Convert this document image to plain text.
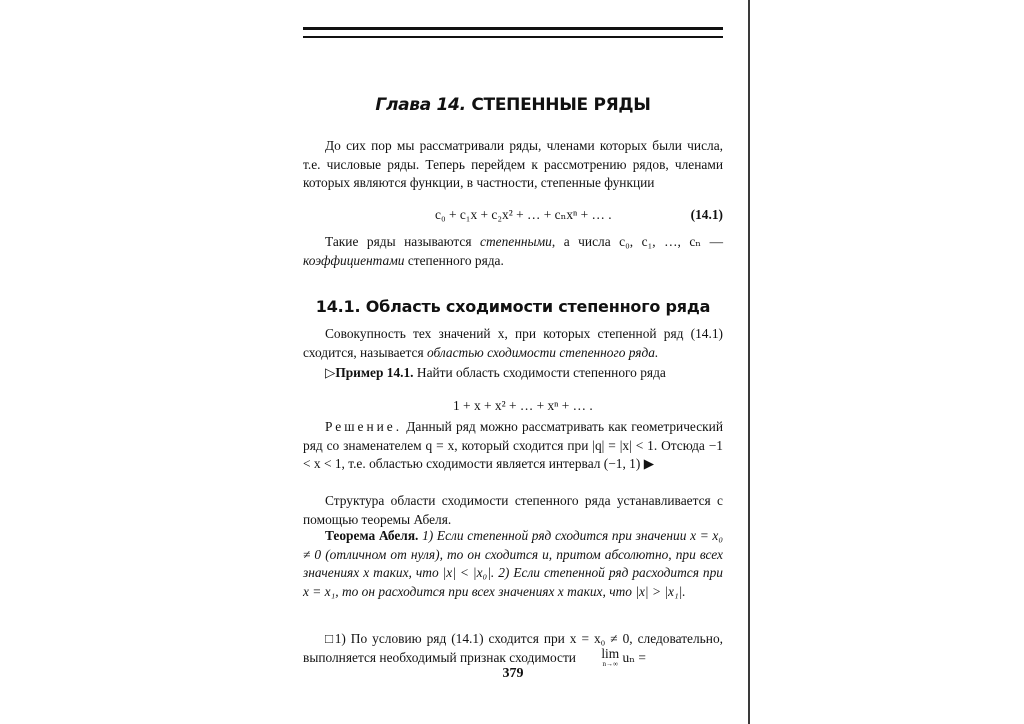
Глава 14. СТЕПЕННЫЕ РЯДЫ
До сих пор мы рассматривали ряды, членами которых были числа, т.е. числовые ряды. Теперь перейдем к рассмотрению рядов, членами которых являются функции, в частности, степенные функции
c₀ + c₁x + c₂x² + … + cₙxⁿ + … .	(14.1)
Такие ряды называются степенными, а числа c₀, c₁, …, cₙ — коэффициентами степенного ряда.
14.1. Область сходимости степенного ряда
Совокупность тех значений x, при которых степенной ряд (14.1) сходится, называется областью сходимости степенного ряда.
▷Пример 14.1. Найти область сходимости степенного ряда
1 + x + x² + … + xⁿ + … .
Решение. Данный ряд можно рассматривать как геометрический ряд со знаменателем q = x, который сходится при |q| = |x| < 1. Отсюда −1 < x < 1, т.е. областью сходимости является интервал (−1, 1) ▶
Структура области сходимости степенного ряда устанавливается с помощью теоремы Абеля.
Теорема Абеля. 1) Если степенной ряд сходится при значении x = x₀ ≠ 0 (отличном от нуля), то он сходится и, притом абсолютно, при всех значениях x таких, что |x| < |x₀|. 2) Если степенной ряд расходится при x = x₁, то он расходится при всех значениях x таких, что |x| > |x₁|.
□1) По условию ряд (14.1) сходится при x = x₀ ≠ 0, следовательно, выполняется необходимый признак сходимости lim
n→∞ uₙ =
379
